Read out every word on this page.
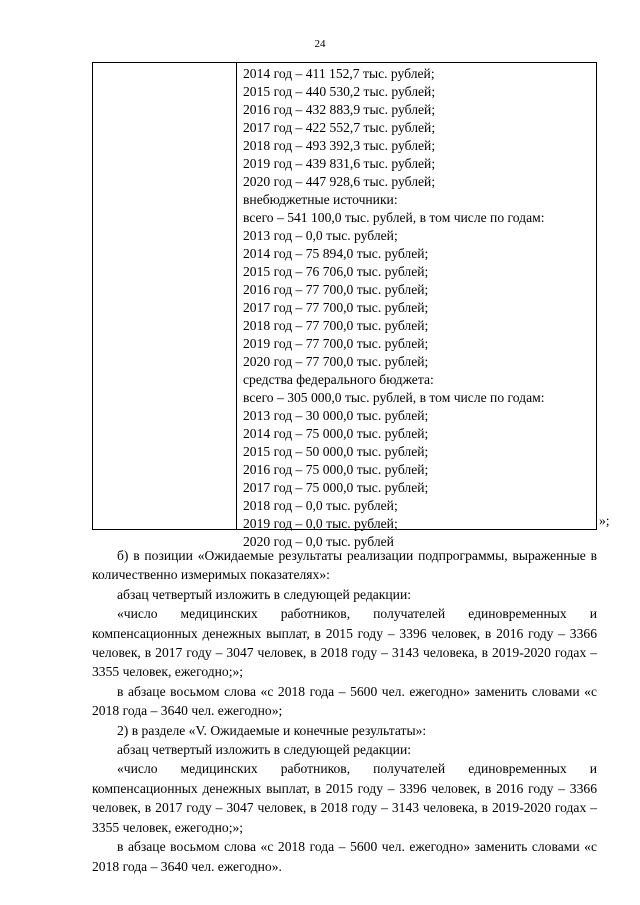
24
2014 год – 411 152,7 тыс. рублей;
2015 год – 440 530,2 тыс. рублей;
2016 год – 432 883,9 тыс. рублей;
2017 год – 422 552,7 тыс. рублей;
2018 год – 493 392,3 тыс. рублей;
2019 год – 439 831,6 тыс. рублей;
2020 год – 447 928,6 тыс. рублей;
внебюджетные источники:
всего – 541 100,0 тыс. рублей, в том числе по годам:
2013 год – 0,0 тыс. рублей;
2014 год – 75 894,0 тыс. рублей;
2015 год – 76 706,0 тыс. рублей;
2016 год – 77 700,0 тыс. рублей;
2017 год – 77 700,0 тыс. рублей;
2018 год – 77 700,0 тыс. рублей;
2019 год – 77 700,0 тыс. рублей;
2020 год – 77 700,0 тыс. рублей;
средства федерального бюджета:
всего – 305 000,0 тыс. рублей, в том числе по годам:
2013 год – 30 000,0 тыс. рублей;
2014 год – 75 000,0 тыс. рублей;
2015 год – 50 000,0 тыс. рублей;
2016 год – 75 000,0 тыс. рублей;
2017 год – 75 000,0 тыс. рублей;
2018 год – 0,0 тыс. рублей;
2019 год – 0,0 тыс. рублей;
2020 год – 0,0 тыс. рублей
»;

б) в позиции «Ожидаемые результаты реализации подпрограммы, выраженные в количественно измеримых показателях»:

абзац четвертый изложить в следующей редакции:

«число медицинских работников, получателей единовременных и компенсационных денежных выплат, в 2015 году – 3396 человек, в 2016 году – 3366 человек, в 2017 году – 3047 человек, в 2018 году – 3143 человека, в 2019-2020 годах – 3355 человек, ежегодно;»;

в абзаце восьмом слова «с 2018 года – 5600 чел. ежегодно» заменить словами «с 2018 года – 3640 чел. ежегодно»;

2) в разделе «V. Ожидаемые и конечные результаты»:

абзац четвертый изложить в следующей редакции:

«число медицинских работников, получателей единовременных и компенсационных денежных выплат, в 2015 году – 3396 человек, в 2016 году – 3366 человек, в 2017 году – 3047 человек, в 2018 году – 3143 человека, в 2019-2020 годах – 3355 человек, ежегодно;»;

в абзаце восьмом слова «с 2018 года – 5600 чел. ежегодно» заменить словами «с 2018 года – 3640 чел. ежегодно».
